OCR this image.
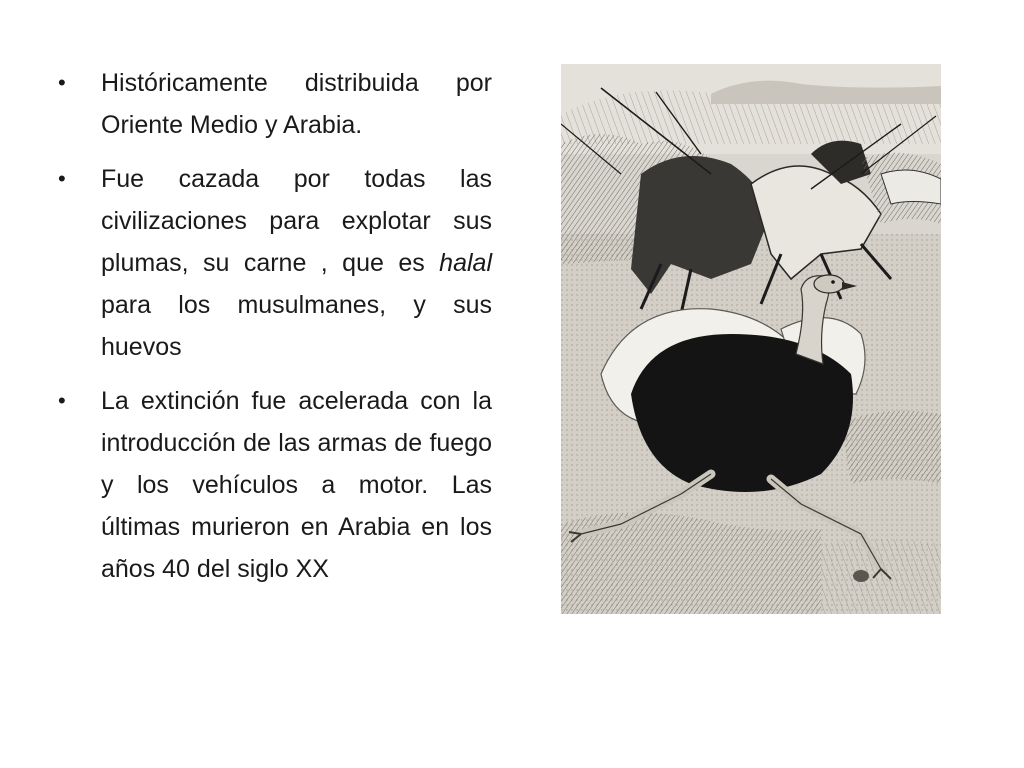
• Históricamente distribuida por Oriente Medio y Arabia.
• Fue cazada por todas las civilizaciones para explotar sus plumas, su carne , que es halal para los musulmanes, y sus huevos
• La extinción fue acelerada con la introducción de las armas de fuego y los vehículos a motor. Las últimas murieron en Arabia en los años 40 del siglo XX
